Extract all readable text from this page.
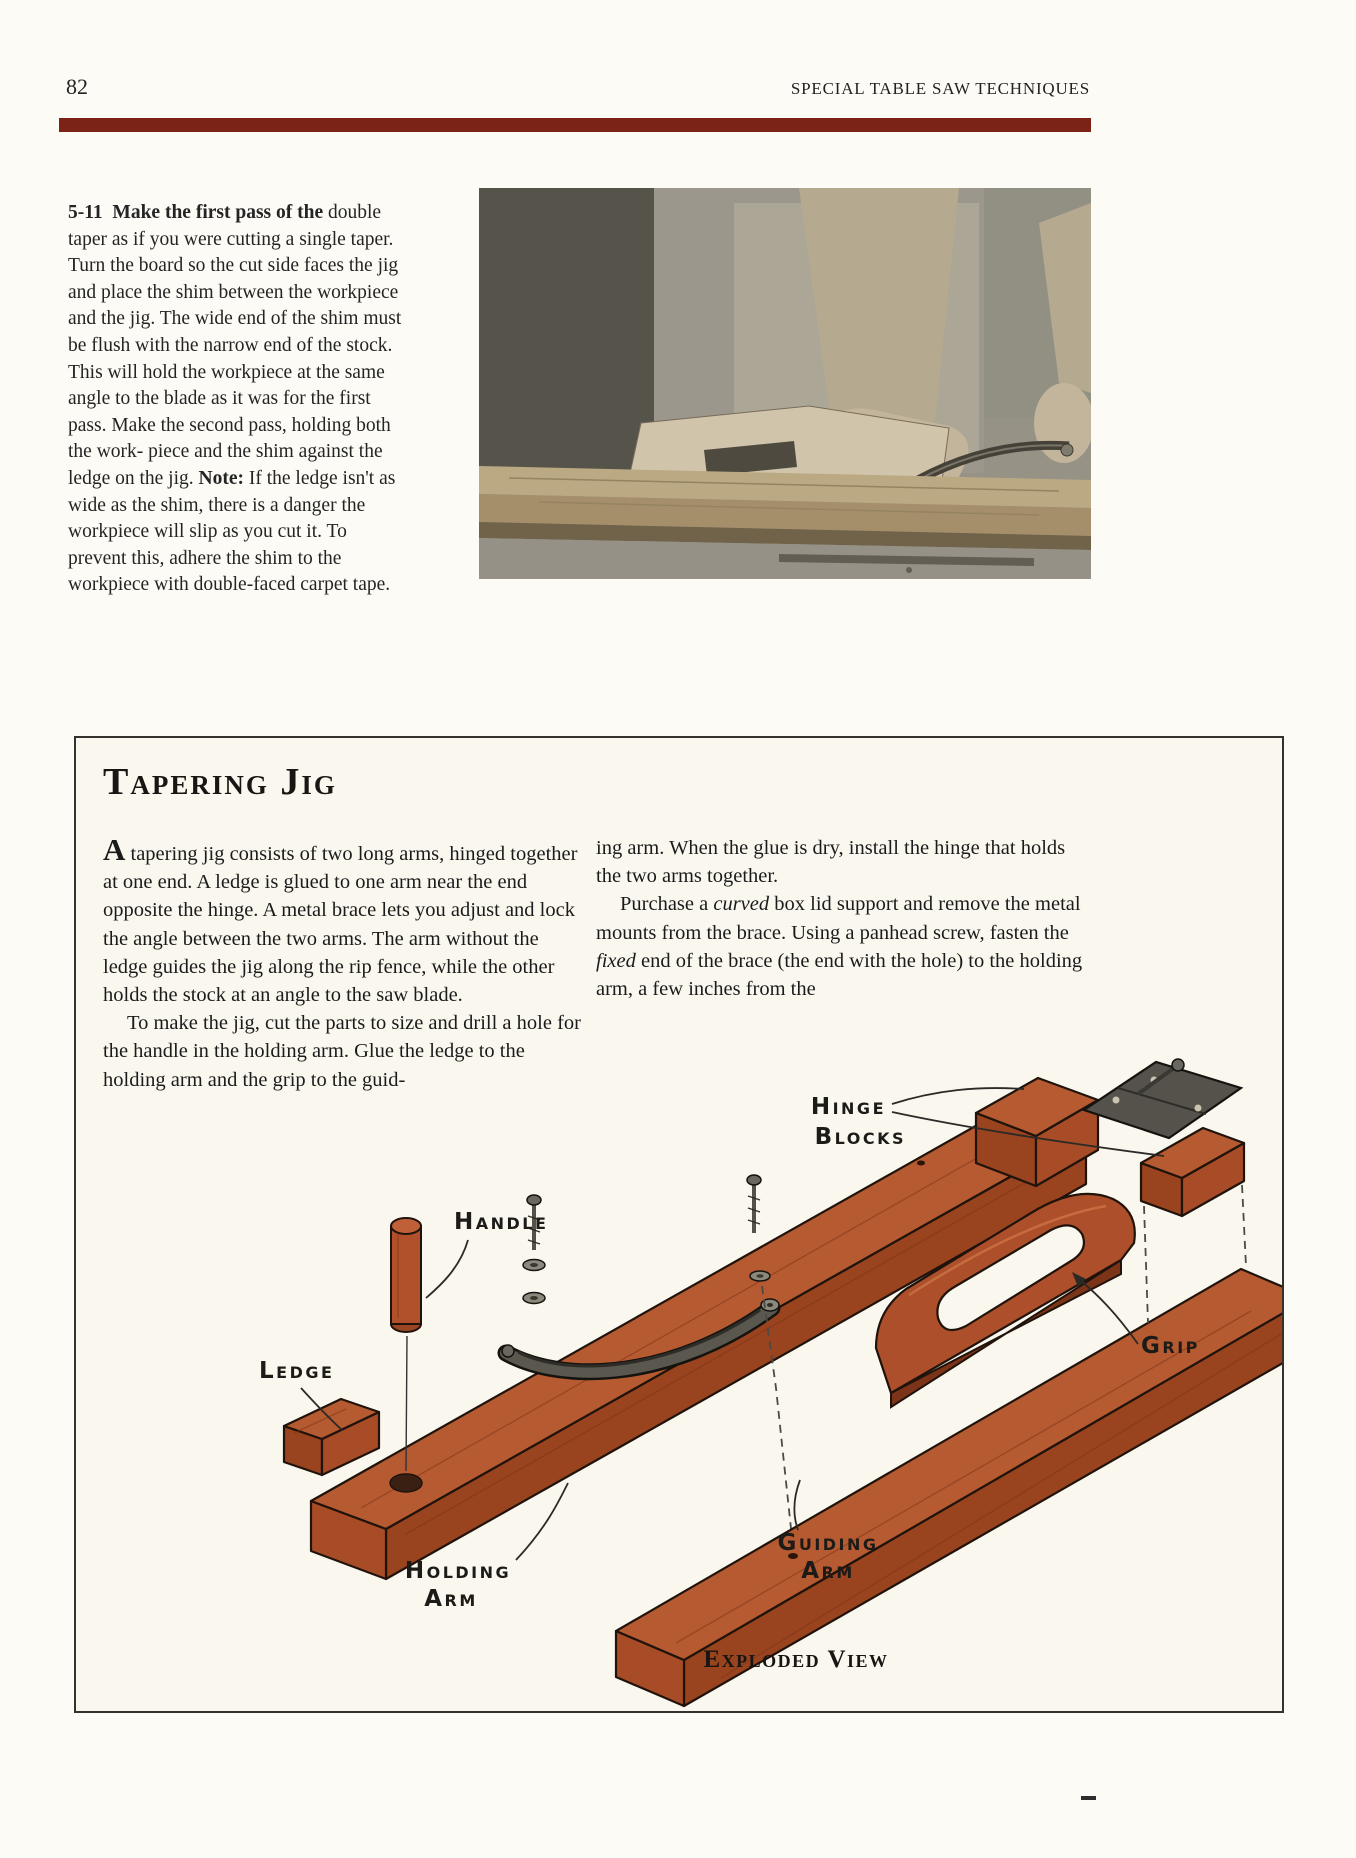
82	SPECIAL TABLE SAW TECHNIQUES
5-11 Make the first pass of the double taper as if you were cutting a single taper. Turn the board so the cut side faces the jig and place the shim between the workpiece and the jig. The wide end of the shim must be flush with the narrow end of the stock. This will hold the workpiece at the same angle to the blade as it was for the first pass. Make the second pass, holding both the work- piece and the shim against the ledge on the jig. Note: If the ledge isn't as wide as the shim, there is a danger the workpiece will slip as you cut it. To prevent this, adhere the shim to the workpiece with double-faced carpet tape.
Tapering Jig

A tapering jig consists of two long arms, hinged together at one end. A ledge is glued to one arm near the end opposite the hinge. A metal brace lets you adjust and lock the angle between the two arms. The arm without the ledge guides the jig along the rip fence, while the other holds the stock at an angle to the saw blade.

To make the jig, cut the parts to size and drill a hole for the handle in the holding arm. Glue the ledge to the holding arm and the grip to the guid-

ing arm. When the glue is dry, install the hinge that holds the two arms together.

Purchase a curved box lid support and remove the metal mounts from the brace. Using a panhead screw, fasten the fixed end of the brace (the end with the hole) to the holding arm, a few inches from the

Hinge
Blocks
Handle
Ledge
Holding
Arm
Grip
Guiding
Arm
Exploded View
